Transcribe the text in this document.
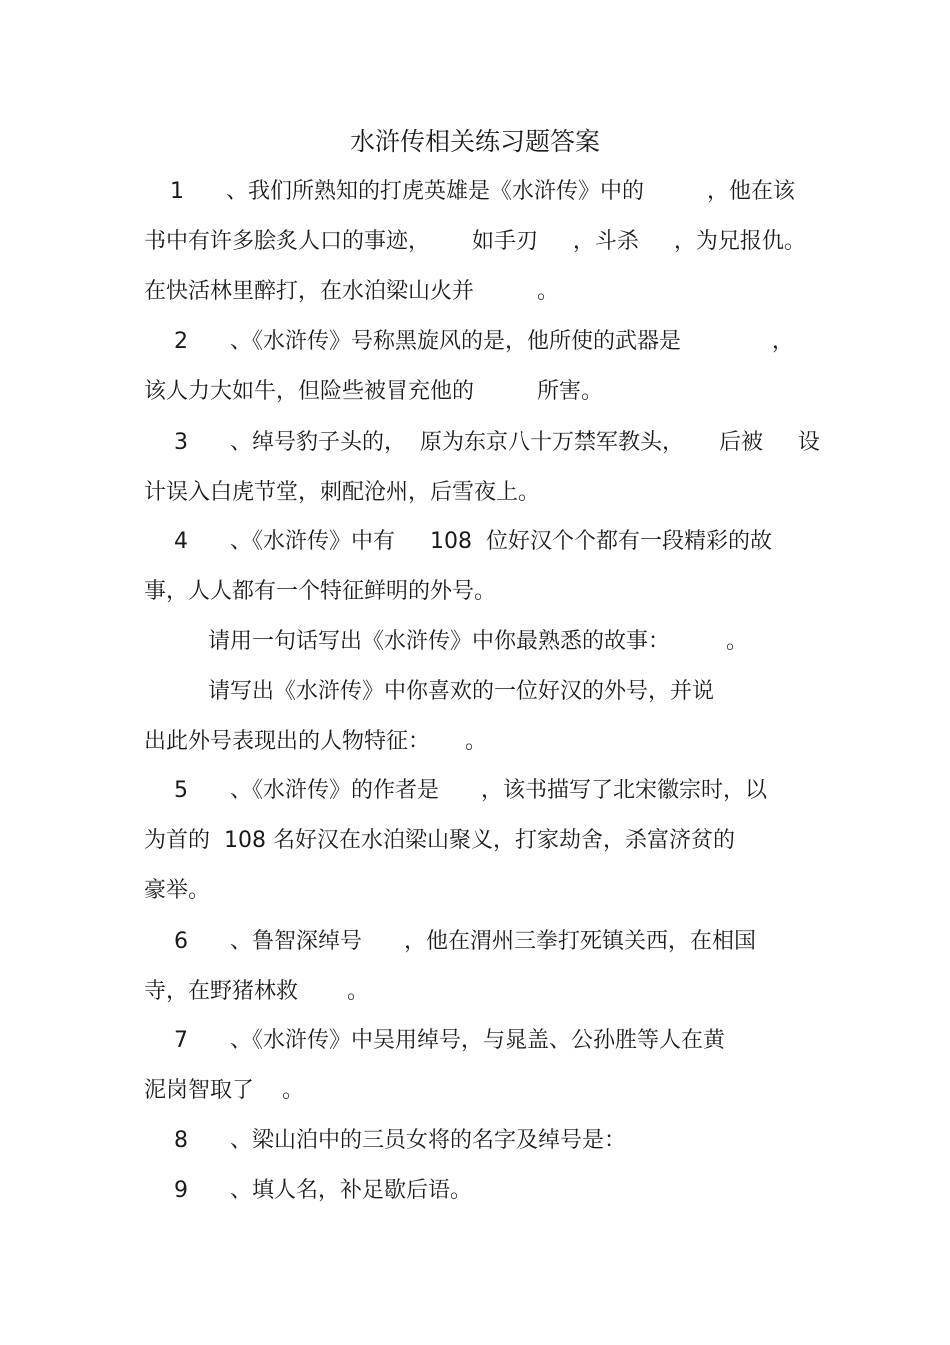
水浒传相关练习题答案
1 、我们所熟知的打虎英雄是《水浒传》中的         ，他在该
书中有许多脍炙人口的事迹，      如手刃     ，斗杀     ，为兄报仇。
在快活林里醉打，在水泊梁山火并         。
2 、《水浒传》号称黑旋风的是，他所使的武器是             ，
该人力大如牛，但险些被冒充他的         所害。
3 、绰号豹子头的，  原为东京八十万禁军教头，     后被     设
计误入白虎节堂，刺配沧州，后雪夜上。
4 、《水浒传》中有     108  位好汉个个都有一段精彩的故
事，人人都有一个特征鲜明的外号。
请用一句话写出《水浒传》中你最熟悉的故事：        。
请写出《水浒传》中你喜欢的一位好汉的外号，并说
出此外号表现出的人物特征：     。
5 、《水浒传》的作者是      ，该书描写了北宋徽宗时，以
为首的  108 名好汉在水泊梁山聚义，打家劫舍，杀富济贫的
豪举。
6 、鲁智深绰号      ，他在渭州三拳打死镇关西，在相国
寺，在野猪林救       。
7 、《水浒传》中吴用绰号，与晁盖、公孙胜等人在黄
泥岗智取了    。
8 、梁山泊中的三员女将的名字及绰号是：
9 、填人名，补足歇后语。
